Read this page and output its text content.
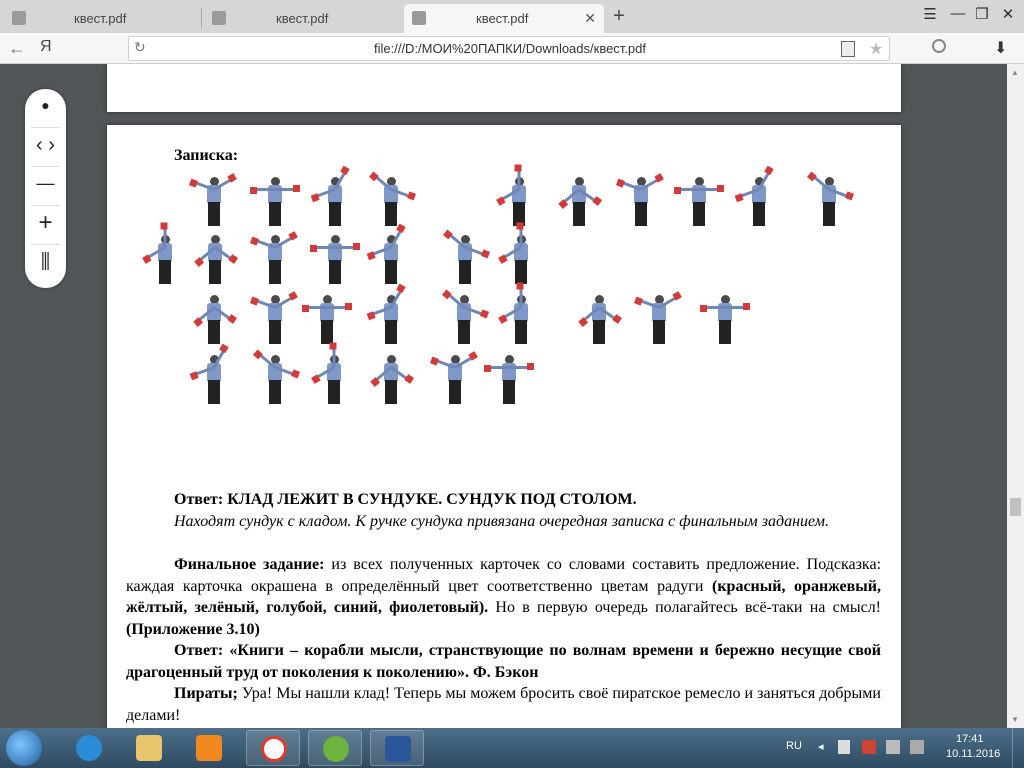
квест.pdf	квест.pdf	квест.pdf	✕ +	☰ — ❐ ✕
← Я	file:///D:/МОИ%20ПАПКИ/Downloads/квест.pdf	★
↻	⬇
Записка:
Ответ: КЛАД ЛЕЖИТ В СУНДУКЕ. СУНДУК ПОД СТОЛОМ.
Находят сундук с кладом. К ручке сундука привязана очередная записка с финальным заданием.
Финальное задание: из всех полученных карточек со словами составить предложение. Подсказка: каждая карточка окрашена в определённый цвет соответственно цветам радуги (красный, оранжевый, жёлтый, зелёный, голубой, синий, фиолетовый). Но в первую очередь полагайтесь всё-таки на смысл! (Приложение 3.10)
Ответ: «Книги – корабли мысли, странствующие по волнам времени и бережно несущие свой драгоценный труд от поколения к поколению». Ф. Бэкон
Пираты; Ура! Мы нашли клад! Теперь мы можем бросить своё пиратское ремесло и заняться добрыми делами!
●
‹ ›
—
+
⫼
▲
▼
RU ◂
17:41
10.11.2016
